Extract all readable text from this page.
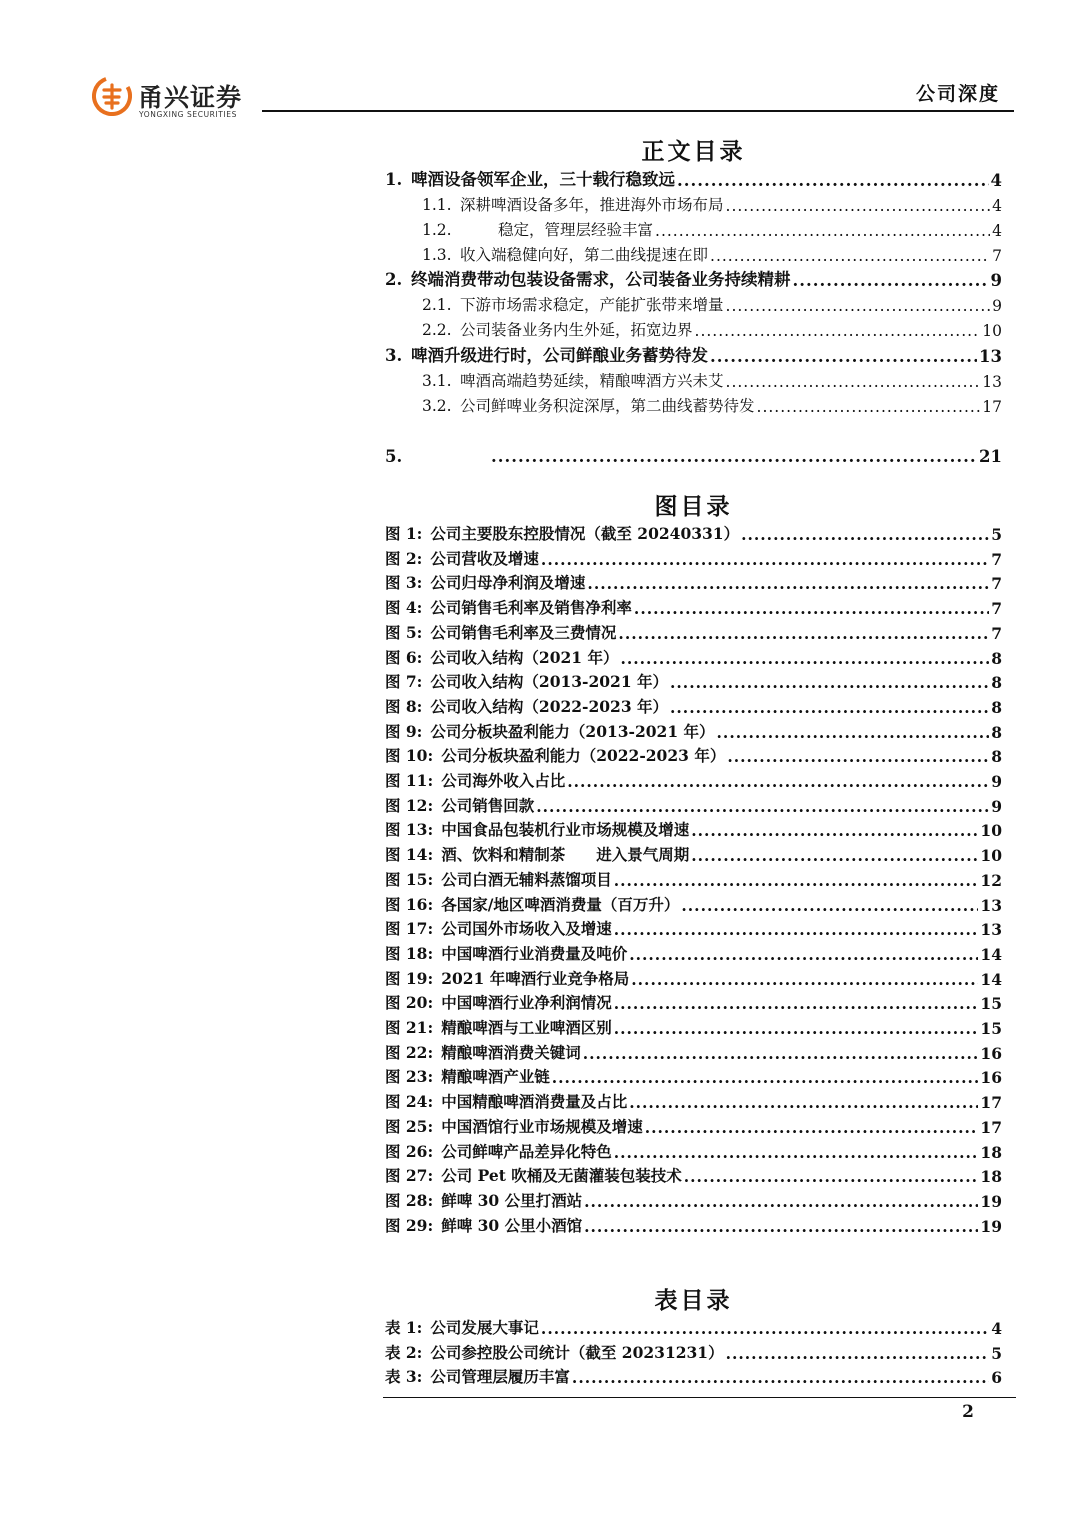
甬兴证券
YONGXING SECURITIES
公司深度
正文目录
1. 啤酒设备领军企业，三十载行稳致远 .....	4
1.1. 深耕啤酒设备多年，推进海外市场布局 .....	4
1.2.	稳定，管理层经验丰富 .....	4
1.3. 收入端稳健向好，第二曲线提速在即 .....	7
2. 终端消费带动包装设备需求，公司装备业务持续精耕 .....	9
2.1. 下游市场需求稳定，产能扩张带来增量 .....	9
2.2. 公司装备业务内生外延，拓宽边界 .....	10
3. 啤酒升级进行时，公司鲜酿业务蓄势待发 .....	13
3.1. 啤酒高端趋势延续，精酿啤酒方兴未艾 .....	13
3.2. 公司鲜啤业务积淀深厚，第二曲线蓄势待发 .....	17
5. .....	21
图目录
图 1: 公司主要股东控股情况（截至 20240331） .....	5
图 2: 公司营收及增速 .....	7
图 3: 公司归母净利润及增速 .....	7
图 4: 公司销售毛利率及销售净利率 .....	7
图 5: 公司销售毛利率及三费情况 .....	7
图 6: 公司收入结构（2021 年） .....	8
图 7: 公司收入结构（2013-2021 年） .....	8
图 8: 公司收入结构（2022-2023 年） .....	8
图 9: 公司分板块盈利能力（2013-2021 年） .....	8
图 10: 公司分板块盈利能力（2022-2023 年） .....	8
图 11: 公司海外收入占比 .....	9
图 12: 公司销售回款 .....	9
图 13: 中国食品包装机行业市场规模及增速 .....	10
图 14: 酒、饮料和精制茶　　进入景气周期 .....	10
图 15: 公司白酒无辅料蒸馏项目 .....	12
图 16: 各国家/地区啤酒消费量（百万升） .....	13
图 17: 公司国外市场收入及增速 .....	13
图 18: 中国啤酒行业消费量及吨价 .....	14
图 19: 2021 年啤酒行业竞争格局 .....	14
图 20: 中国啤酒行业净利润情况 .....	15
图 21: 精酿啤酒与工业啤酒区别 .....	15
图 22: 精酿啤酒消费关键词 .....	16
图 23: 精酿啤酒产业链 .....	16
图 24: 中国精酿啤酒消费量及占比 .....	17
图 25: 中国酒馆行业市场规模及增速 .....	17
图 26: 公司鲜啤产品差异化特色 .....	18
图 27: 公司 Pet 吹桶及无菌灌装包装技术 .....	18
图 28: 鲜啤 30 公里打酒站 .....	19
图 29: 鲜啤 30 公里小酒馆 .....	19
表目录
表 1: 公司发展大事记 .....	4
表 2: 公司参控股公司统计（截至 20231231） .....	5
表 3: 公司管理层履历丰富 .....	6
2
